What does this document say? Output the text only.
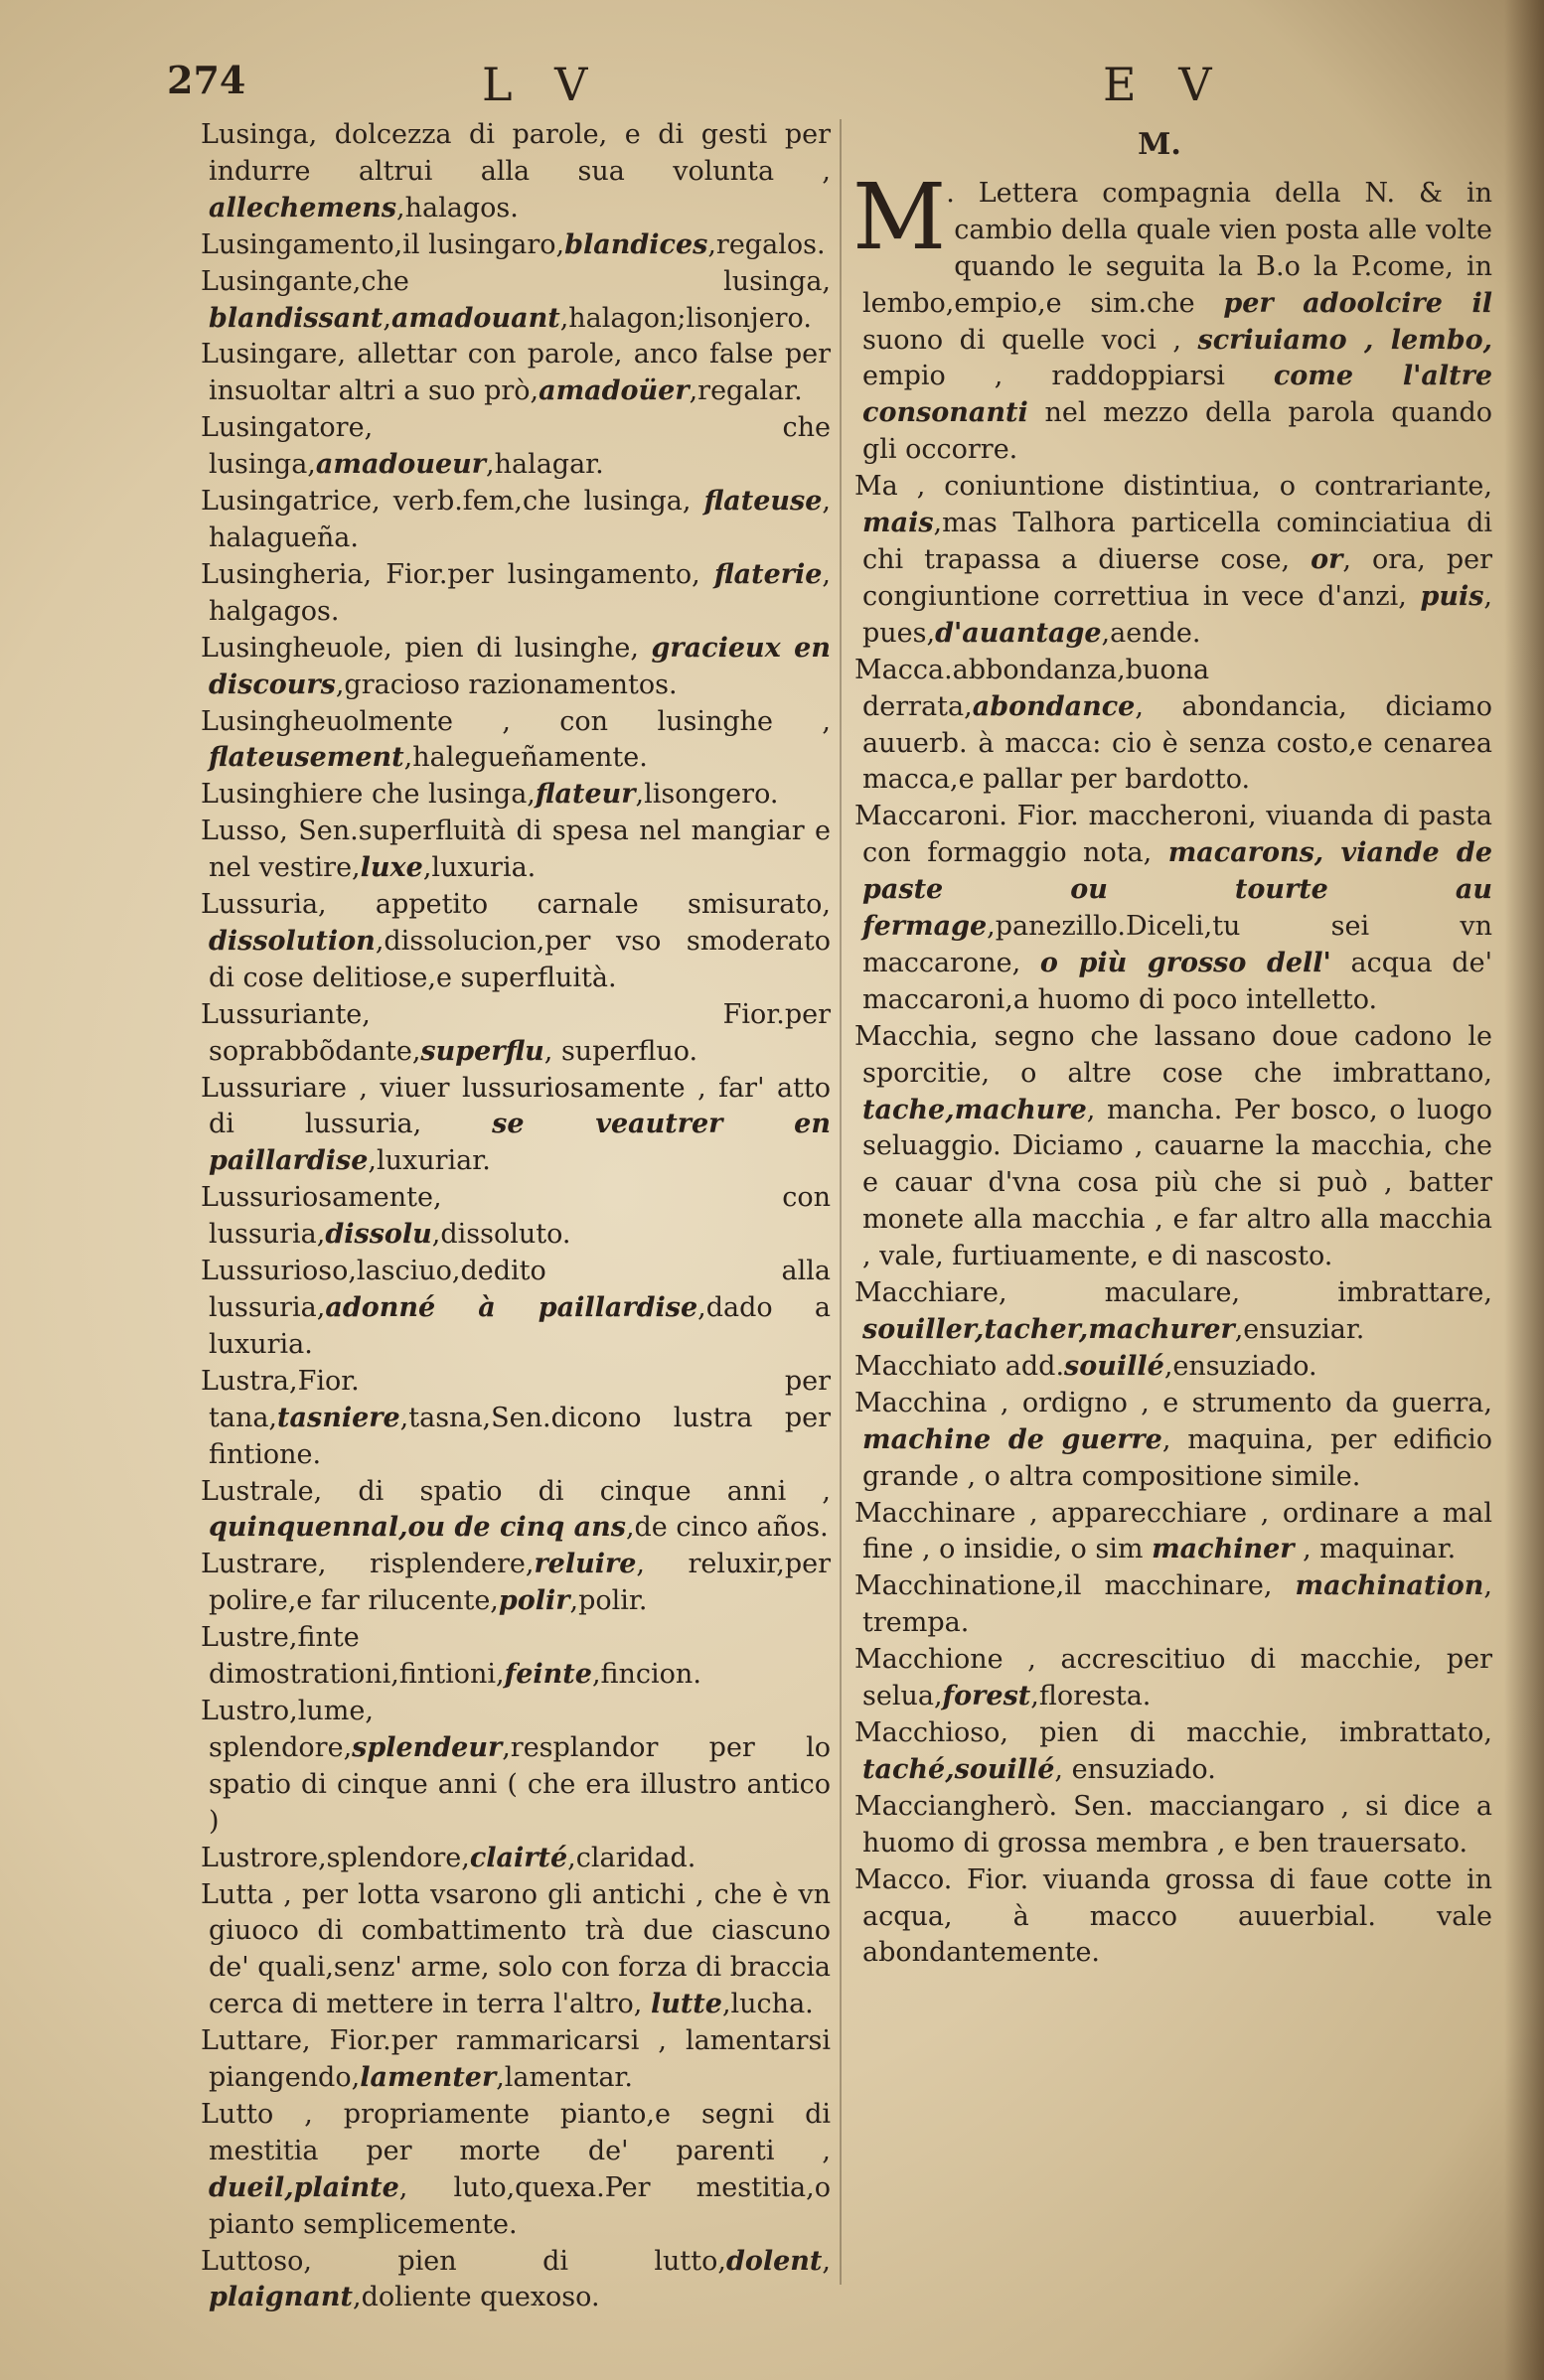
274	L V	E V

Lusinga, dolcezza di parole, e di gesti per indurre altrui alla sua volunta , allechemens,halagos.

Lusingamento,il lusingaro,blandices,regalos.

Lusingante,che lusinga, blandissant,amadouant,halagon;lisonjero.

Lusingare, allettar con parole, anco false per insuoltar altri a suo prò,amadoüer,regalar.

Lusingatore, che lusinga,amadoueur,halagar.

Lusingatrice, verb.fem,che lusinga, flateuse, halagueña.

Lusingheria, Fior.per lusingamento, flaterie, halgagos.

Lusingheuole, pien di lusinghe, gracieux en discours,gracioso razionamentos.

Lusingheuolmente , con lusinghe , flateusement,halegueñamente.

Lusinghiere che lusinga,flateur,lisongero.

Lusso, Sen.superfluità di spesa nel mangiar e nel vestire,luxe,luxuria.

Lussuria, appetito carnale smisurato, dissolution,dissolucion,per vso smoderato di cose delitiose,e superfluità.

Lussuriante, Fior.per soprabbõdante,superflu, superfluo.

Lussuriare , viuer lussuriosamente , far' atto di lussuria, se veautrer en paillardise,luxuriar.

Lussuriosamente, con lussuria,dissolu,dissoluto.

Lussurioso,lasciuo,dedito alla lussuria,adonné à paillardise,dado a luxuria.

Lustra,Fior. per tana,tasniere,tasna,Sen.dicono lustra per fintione.

Lustrale, di spatio di cinque anni , quinquennal,ou de cinq ans,de cinco años.

Lustrare, risplendere,reluire, reluxir,per polire,e far rilucente,polir,polir.

Lustre,finte dimostrationi,fintioni,feinte,fincion.

Lustro,lume, splendore,splendeur,resplandor per lo spatio di cinque anni ( che era illustro antico )

Lustrore,splendore,clairté,claridad.

Lutta , per lotta vsarono gli antichi , che è vn giuoco di combattimento trà due ciascuno de' quali,senz' arme, solo con forza di braccia cerca di mettere in terra l'altro, lutte,lucha.

Luttare, Fior.per rammaricarsi , lamentarsi piangendo,lamenter,lamentar.

Lutto , propriamente pianto,e segni di mestitia per morte de' parenti , dueil,plainte, luto,quexa.Per mestitia,o pianto semplicemente.

Luttoso, pien di lutto,dolent, plaignant,doliente quexoso.

M.
M . Lettera compagnia della N. & in cambio della quale vien posta alle volte quando le seguita la B.o la P.come, in lembo,empio,e sim.che per adoolcire il suono di quelle voci , scriuiamo , lembo, empio , raddoppiarsi come l'altre consonanti nel mezzo della parola quando gli occorre.

Ma , coniuntione distintiua, o contrariante, mais,mas Talhora particella cominciatiua di chi trapassa a diuerse cose, or, ora, per congiuntione correttiua in vece d'anzi, puis, pues,d'auantage,aende.

Macca.abbondanza,buona derrata,abondance, abondancia, diciamo auuerb. à macca: cio è senza costo,e cenarea macca,e pallar per bardotto.

Maccaroni. Fior. maccheroni, viuanda di pasta con formaggio nota, macarons, viande de paste ou tourte au fermage,panezillo.Diceli,tu sei vn maccarone, o più grosso dell' acqua de' maccaroni,a huomo di poco intelletto.

Macchia, segno che lassano doue cadono le sporcitie, o altre cose che imbrattano, tache,machure, mancha. Per bosco, o luogo seluaggio. Diciamo , cauarne la macchia, che e cauar d'vna cosa più che si può , batter monete alla macchia , e far altro alla macchia , vale, furtiuamente, e di nascosto.

Macchiare, maculare, imbrattare, souiller,tacher,machurer,ensuziar.

Macchiato add.souillé,ensuziado.

Macchina , ordigno , e strumento da guerra, machine de guerre, maquina, per edificio grande , o altra compositione simile.

Macchinare , apparecchiare , ordinare a mal fine , o insidie, o sim machiner , maquinar.

Macchinatione,il macchinare, machination, trempa.

Macchione , accrescitiuo di macchie, per selua,forest,floresta.

Macchioso, pien di macchie, imbrattato, taché,souillé, ensuziado.

Macciangherò. Sen. macciangaro , si dice a huomo di grossa membra , e ben trauersato.

Macco. Fior. viuanda grossa di faue cotte in acqua, à macco auuerbial. vale abondantemente.
